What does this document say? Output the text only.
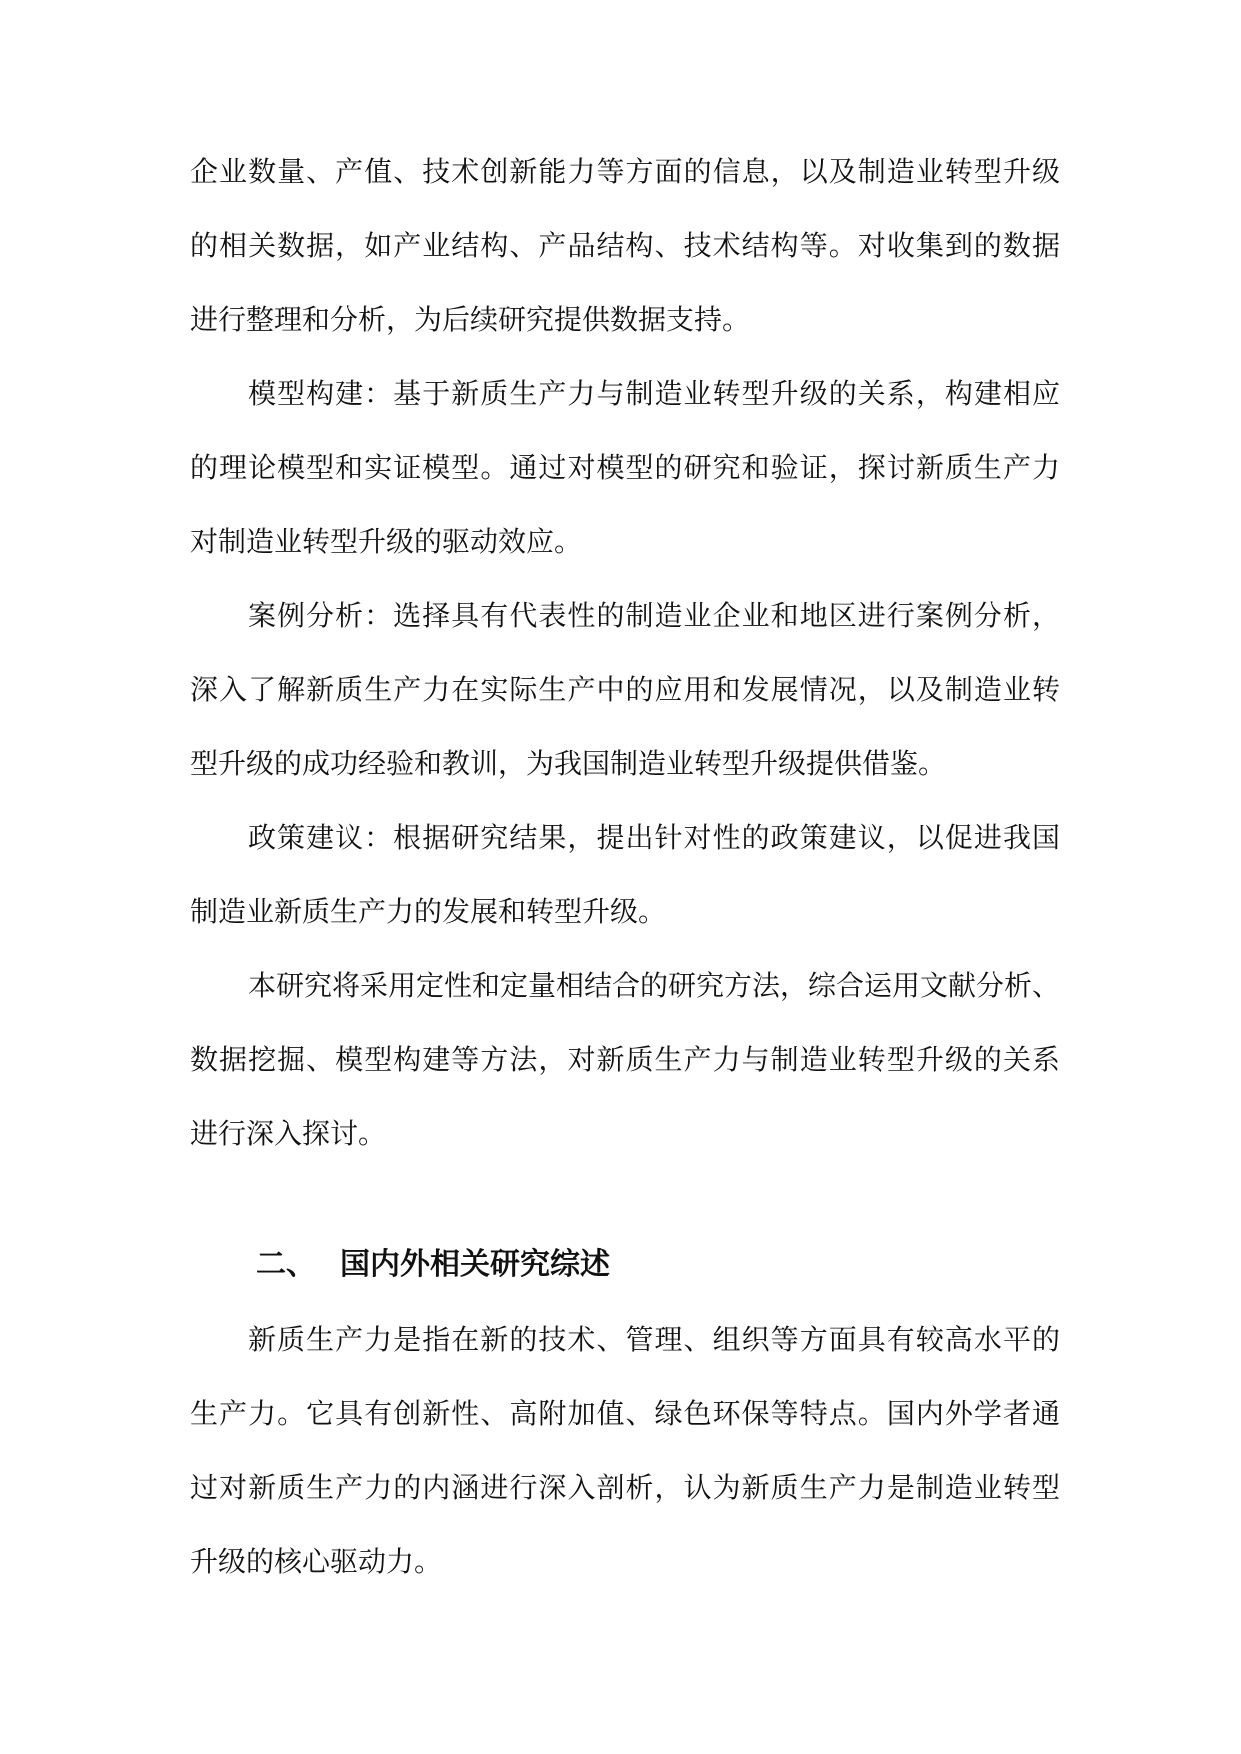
企业数量、产值、技术创新能力等方面的信息，以及制造业转型升级
的相关数据，如产业结构、产品结构、技术结构等。对收集到的数据
进行整理和分析，为后续研究提供数据支持。
模型构建：基于新质生产力与制造业转型升级的关系，构建相应
的理论模型和实证模型。通过对模型的研究和验证，探讨新质生产力
对制造业转型升级的驱动效应。
案例分析：选择具有代表性的制造业企业和地区进行案例分析，
深入了解新质生产力在实际生产中的应用和发展情况，以及制造业转
型升级的成功经验和教训，为我国制造业转型升级提供借鉴。
政策建议：根据研究结果，提出针对性的政策建议，以促进我国
制造业新质生产力的发展和转型升级。
本研究将采用定性和定量相结合的研究方法，综合运用文献分析、
数据挖掘、模型构建等方法，对新质生产力与制造业转型升级的关系
进行深入探讨。
二、 国内外相关研究综述
新质生产力是指在新的技术、管理、组织等方面具有较高水平的
生产力。它具有创新性、高附加值、绿色环保等特点。国内外学者通
过对新质生产力的内涵进行深入剖析，认为新质生产力是制造业转型
升级的核心驱动力。
